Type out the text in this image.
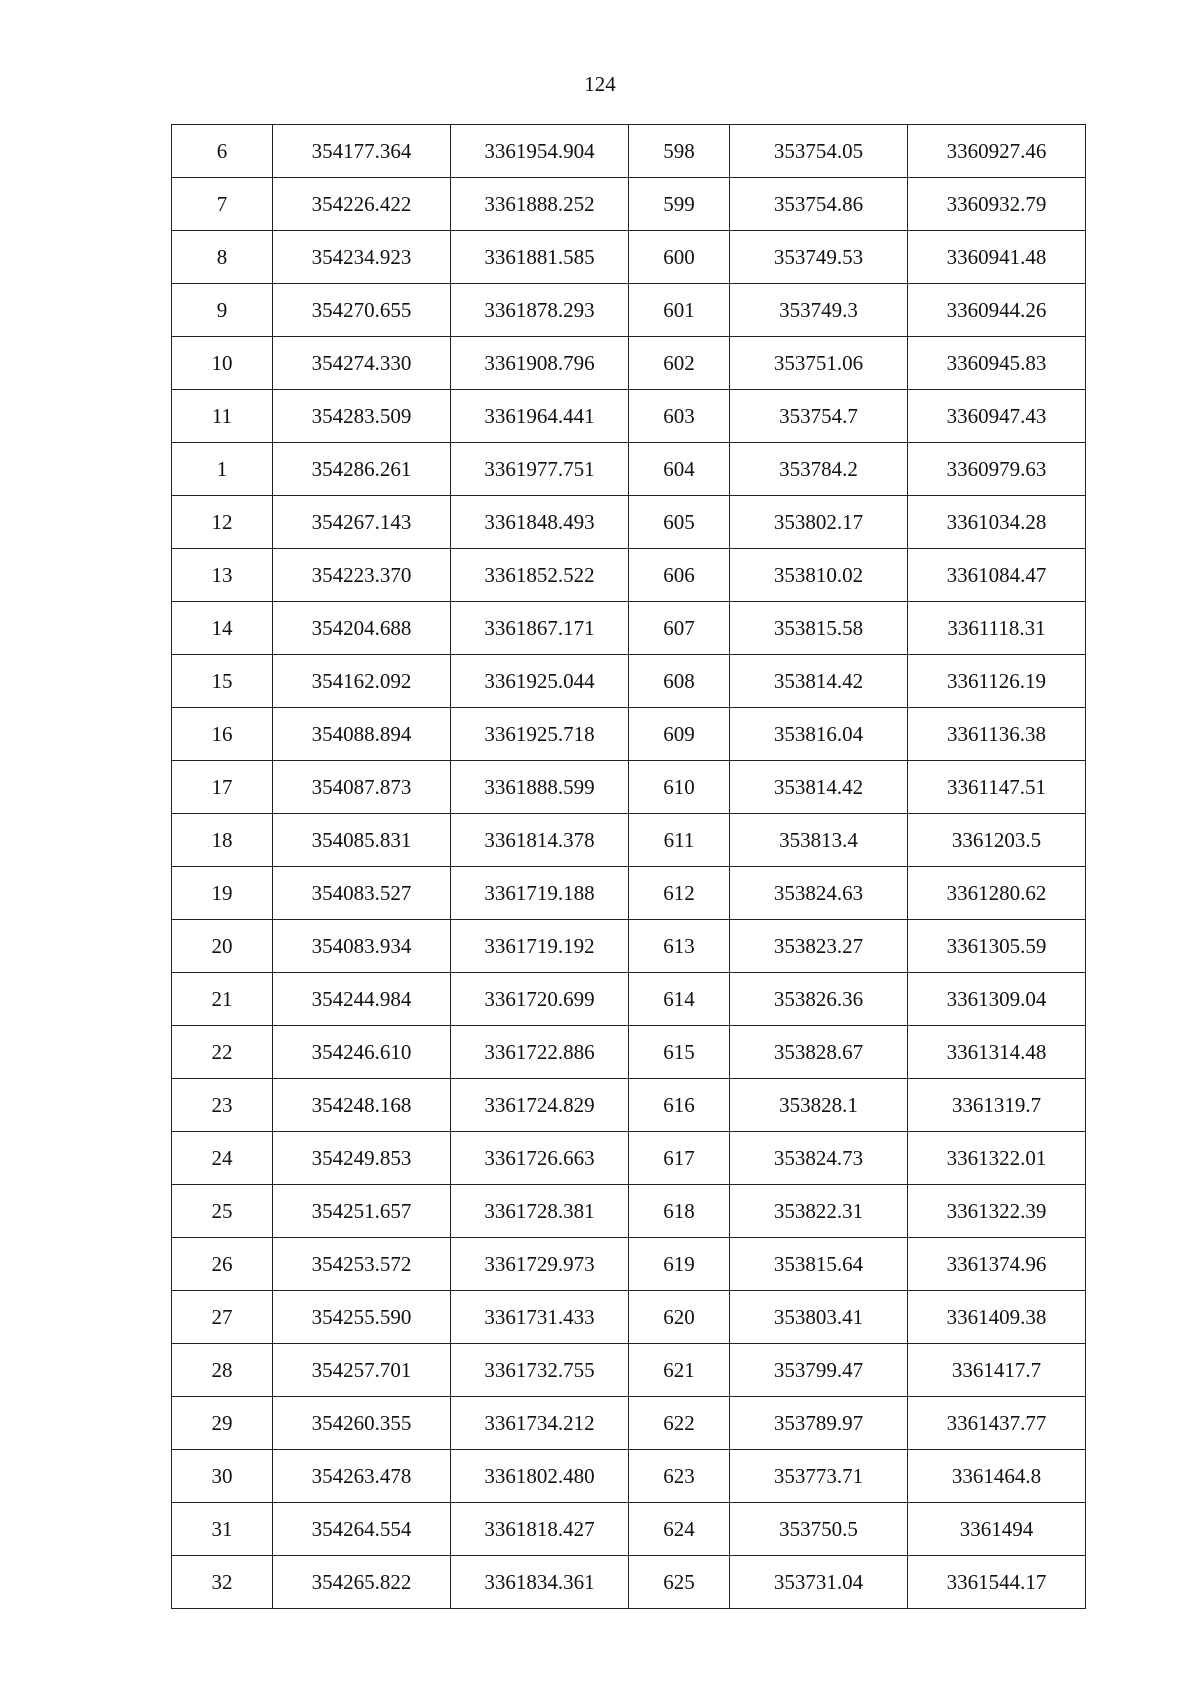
124
6	354177.364	3361954.904	598	353754.05	3360927.46
7	354226.422	3361888.252	599	353754.86	3360932.79
8	354234.923	3361881.585	600	353749.53	3360941.48
9	354270.655	3361878.293	601	353749.3	3360944.26
10	354274.330	3361908.796	602	353751.06	3360945.83
11	354283.509	3361964.441	603	353754.7	3360947.43
1	354286.261	3361977.751	604	353784.2	3360979.63
12	354267.143	3361848.493	605	353802.17	3361034.28
13	354223.370	3361852.522	606	353810.02	3361084.47
14	354204.688	3361867.171	607	353815.58	3361118.31
15	354162.092	3361925.044	608	353814.42	3361126.19
16	354088.894	3361925.718	609	353816.04	3361136.38
17	354087.873	3361888.599	610	353814.42	3361147.51
18	354085.831	3361814.378	611	353813.4	3361203.5
19	354083.527	3361719.188	612	353824.63	3361280.62
20	354083.934	3361719.192	613	353823.27	3361305.59
21	354244.984	3361720.699	614	353826.36	3361309.04
22	354246.610	3361722.886	615	353828.67	3361314.48
23	354248.168	3361724.829	616	353828.1	3361319.7
24	354249.853	3361726.663	617	353824.73	3361322.01
25	354251.657	3361728.381	618	353822.31	3361322.39
26	354253.572	3361729.973	619	353815.64	3361374.96
27	354255.590	3361731.433	620	353803.41	3361409.38
28	354257.701	3361732.755	621	353799.47	3361417.7
29	354260.355	3361734.212	622	353789.97	3361437.77
30	354263.478	3361802.480	623	353773.71	3361464.8
31	354264.554	3361818.427	624	353750.5	3361494
32	354265.822	3361834.361	625	353731.04	3361544.17
